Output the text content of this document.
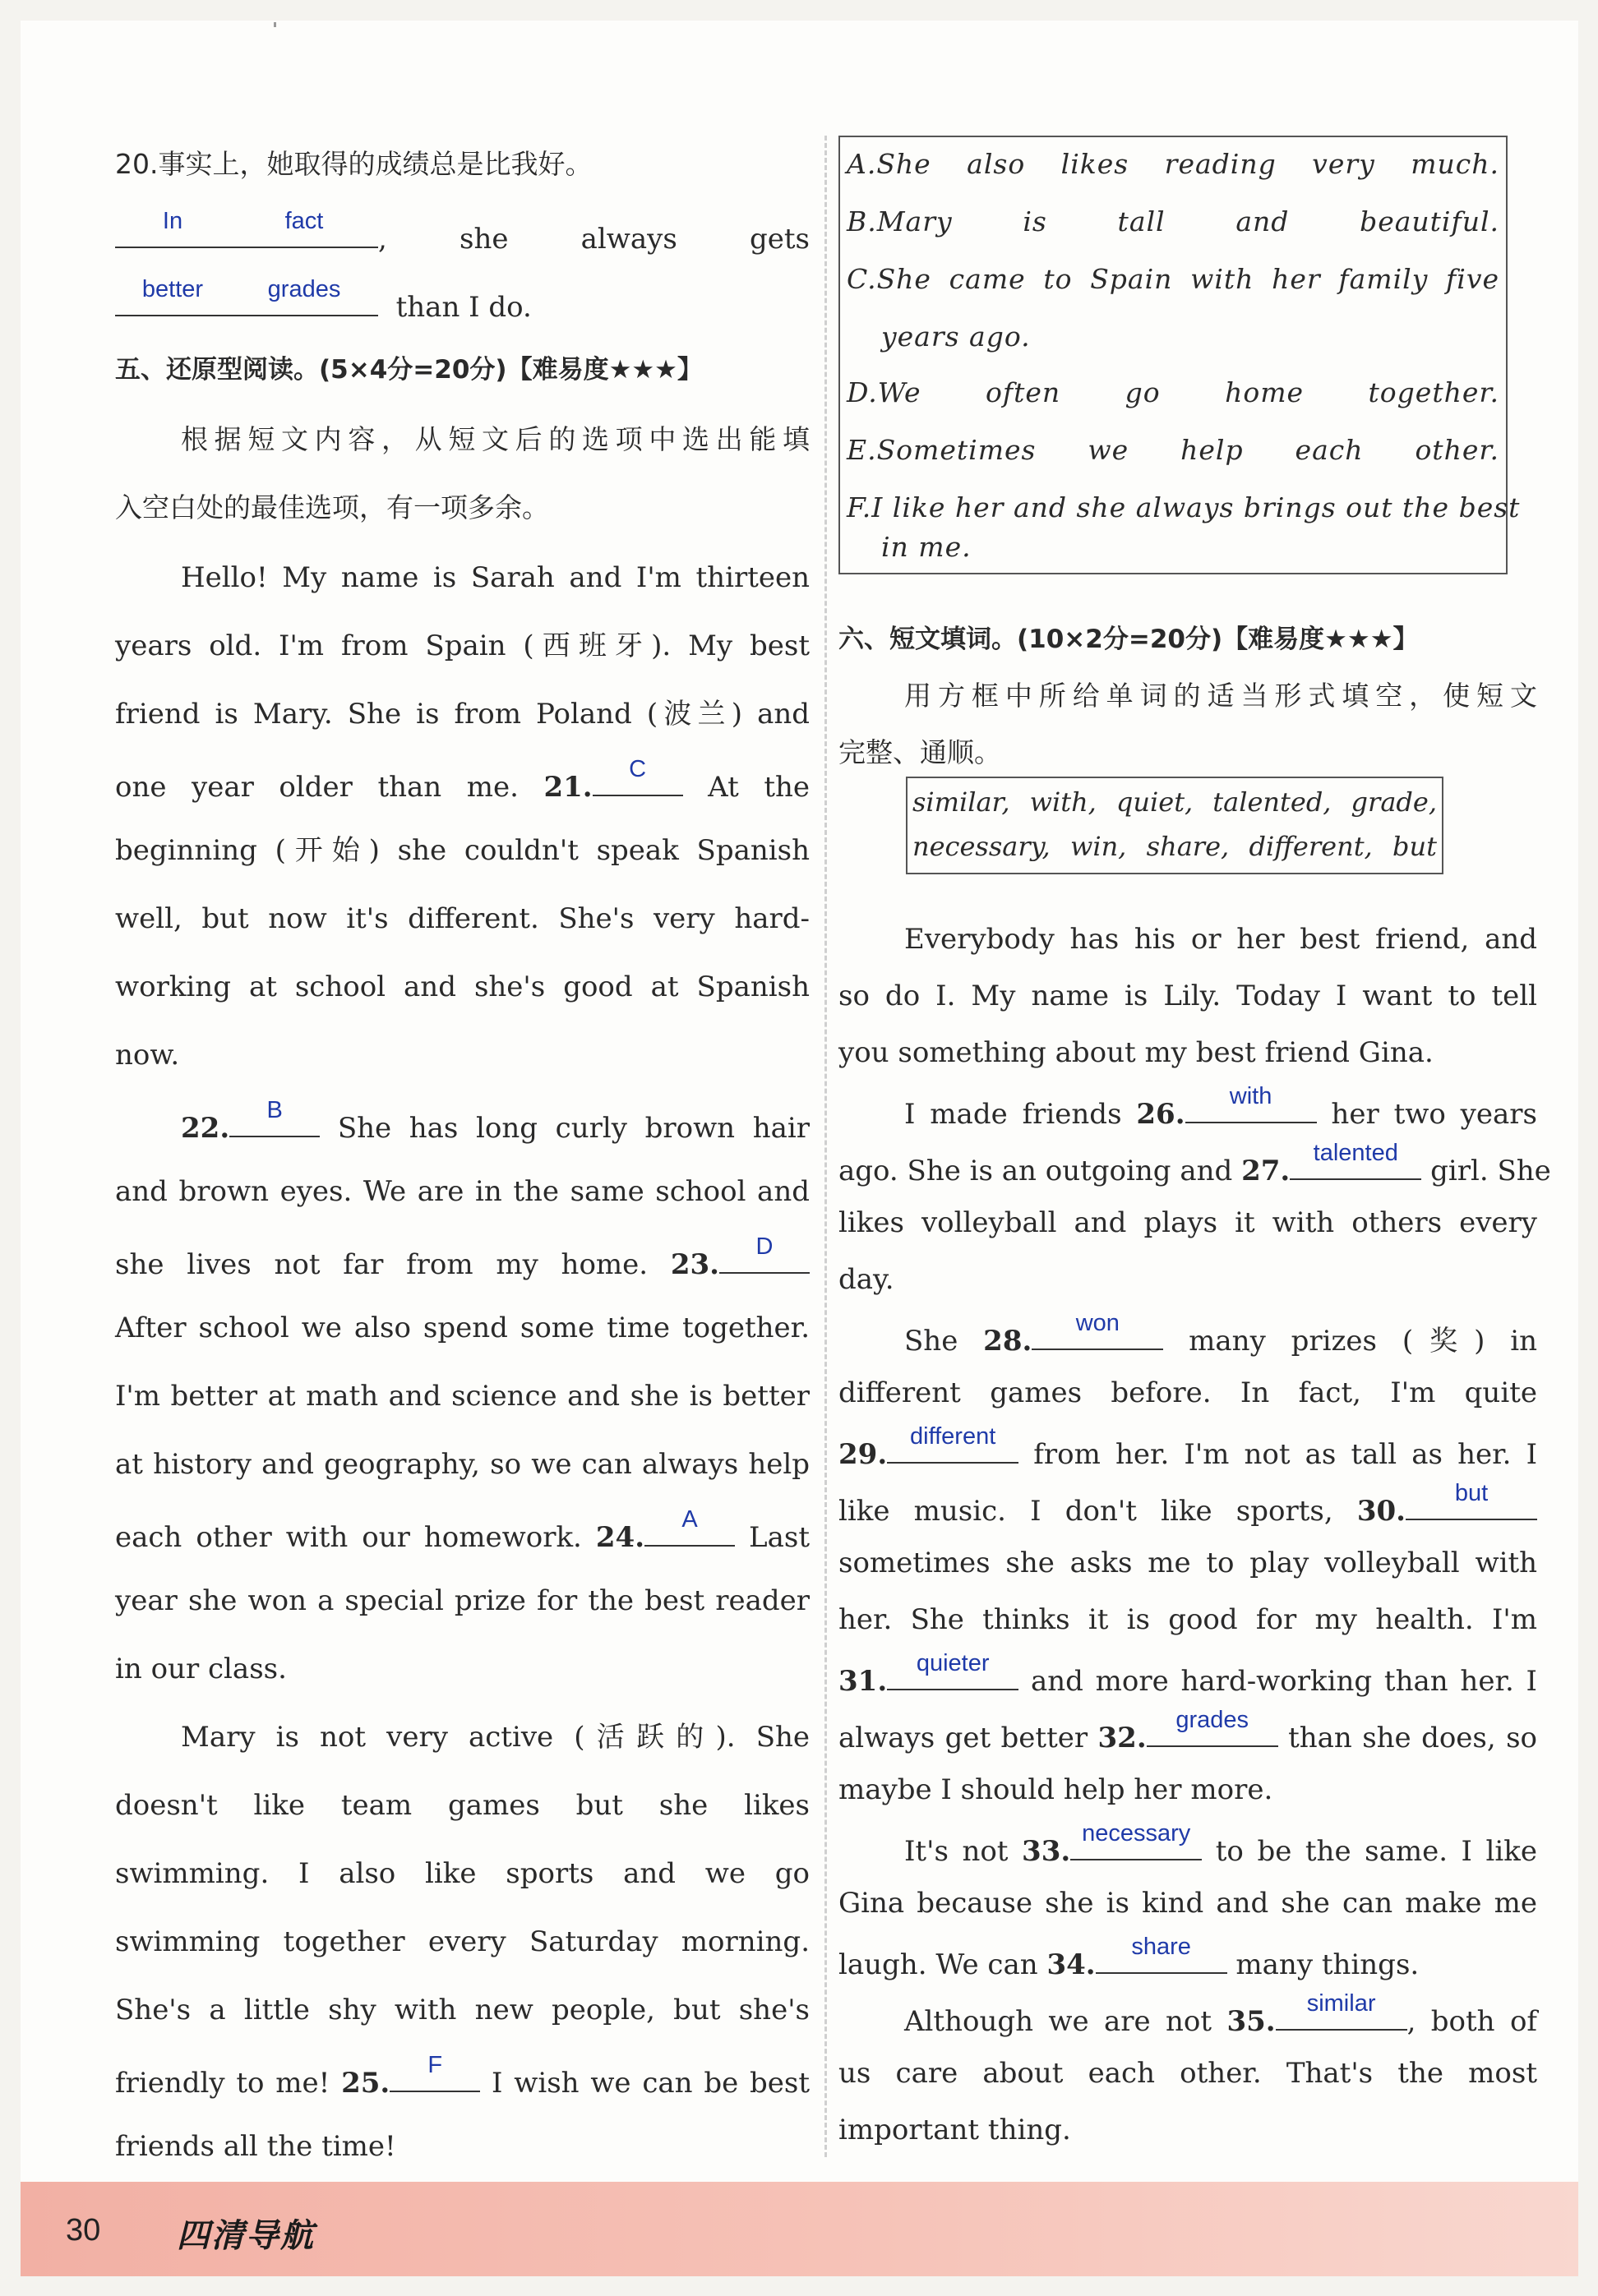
20.事实上，她取得的成绩总是比我好。
In	fact
, she always gets
better	grades
than I do.
五、还原型阅读。(5×4分=20分)【难易度★★★】
根据短文内容，从短文后的选项中选出能填
入空白处的最佳选项，有一项多余。
Hello! My name is Sarah and I'm thirteen
years old. I'm from Spain (西班牙). My best
friend is Mary. She is from Poland (波兰) and
one year older than me. 21.
C
At the
beginning (开始) she couldn't speak Spanish
well, but now it's different. She's very hard-
working at school and she's good at Spanish
now.
22.
B
She has long curly brown hair
and brown eyes. We are in the same school and
she lives not far from my home. 23.
D
After school we also spend some time together.
I'm better at math and science and she is better
at history and geography, so we can always help
each other with our homework. 24.
A
Last
year she won a special prize for the best reader
in our class.
Mary is not very active (活跃的). She
doesn't like team games but she likes
swimming. I also like sports and we go
swimming together every Saturday morning.
She's a little shy with new people, but she's
friendly to me! 25.
F
I wish we can be best
friends all the time!
A.She also likes reading very much.
B.Mary is tall and beautiful.
C.She came to Spain with her family five
years ago.
D.We often go home together.
E.Sometimes we help each other.
F.I like her and she always brings out the best
in me.
六、短文填词。(10×2分=20分)【难易度★★★】
用方框中所给单词的适当形式填空，使短文
完整、通顺。
similar, with, quiet, talented, grade,
necessary, win, share, different, but
Everybody has his or her best friend, and
so do I. My name is Lily. Today I want to tell
you something about my best friend Gina.
I made friends 26.
with
her two years
ago. She is an outgoing and 27.
talented
girl. She
likes volleyball and plays it with others every
day.
She 28.
won
many prizes (奖) in
different games before. In fact, I'm quite
29.
different
from her. I'm not as tall as her. I
like music. I don't like sports, 30.
but
sometimes she asks me to play volleyball with
her. She thinks it is good for my health. I'm
31.
quieter
and more hard-working than her. I
always get better 32.
grades
than she does, so
maybe I should help her more.
It's not 33.
necessary
to be the same. I like
Gina because she is kind and she can make me
laugh. We can 34.
share
many things.
Although we are not 35.
similar
, both of
us care about each other. That's the most
important thing.
30 四清导航
